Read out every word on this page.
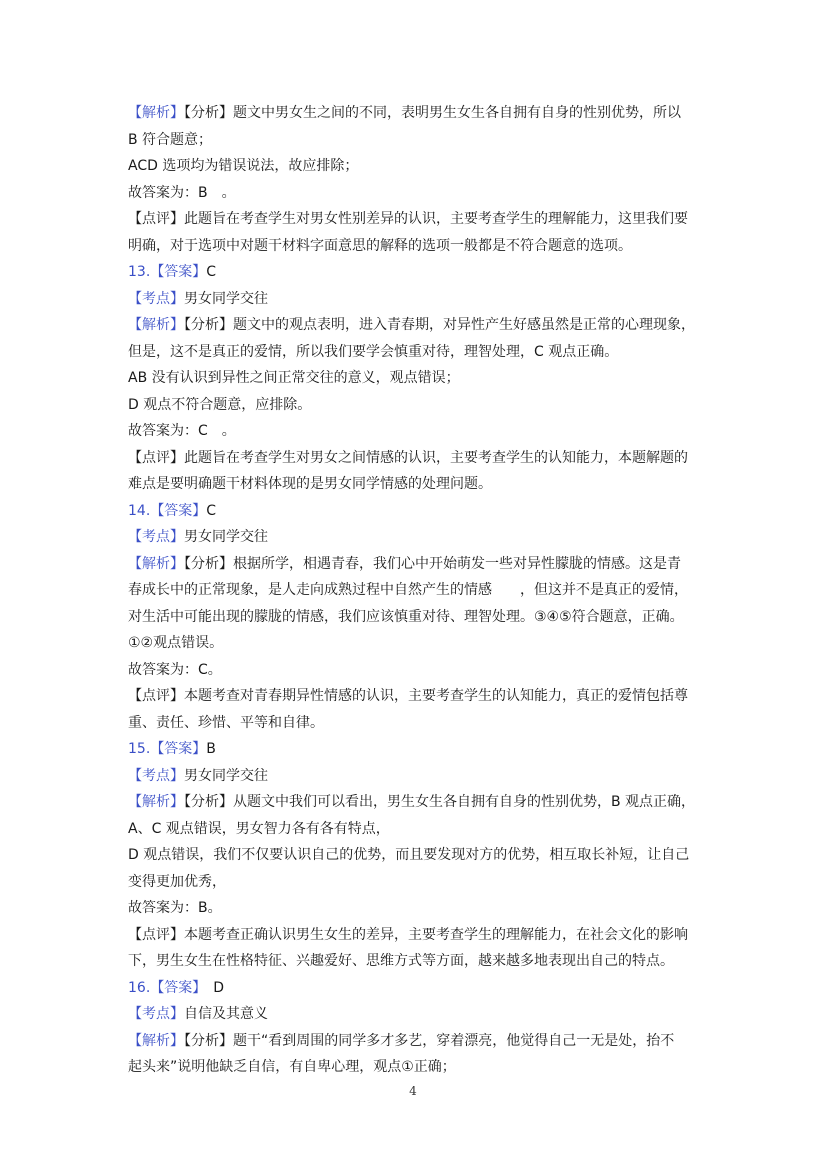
【解析】【分析】题文中男女生之间的不同，表明男生女生各自拥有自身的性别优势，所以
B 符合题意；
ACD 选项均为错误说法，故应排除；
故答案为：B　。
【点评】此题旨在考查学生对男女性别差异的认识，主要考查学生的理解能力，这里我们要
明确，对于选项中对题干材料字面意思的解释的选项一般都是不符合题意的选项。
13.【答案】C
【考点】男女同学交往
【解析】【分析】题文中的观点表明，进入青春期，对异性产生好感虽然是正常的心理现象，
但是，这不是真正的爱情，所以我们要学会慎重对待，理智处理，C 观点正确。
AB 没有认识到异性之间正常交往的意义，观点错误；
D 观点不符合题意，应排除。
故答案为：C　。
【点评】此题旨在考查学生对男女之间情感的认识，主要考查学生的认知能力，本题解题的
难点是要明确题干材料体现的是男女同学情感的处理问题。
14.【答案】C
【考点】男女同学交往
【解析】【分析】根据所学，相遇青春，我们心中开始萌发一些对异性朦胧的情感。这是青
春成长中的正常现象，是人走向成熟过程中自然产生的情感　　，但这并不是真正的爱情，
对生活中可能出现的朦胧的情感，我们应该慎重对待、理智处理。③④⑤符合题意，正确。
①②观点错误。
故答案为：C。
【点评】本题考查对青春期异性情感的认识，主要考查学生的认知能力，真正的爱情包括尊
重、责任、珍惜、平等和自律。
15.【答案】B
【考点】男女同学交往
【解析】【分析】从题文中我们可以看出，男生女生各自拥有自身的性别优势，B 观点正确，
A、C 观点错误，男女智力各有各有特点，
D 观点错误，我们不仅要认识自己的优势，而且要发现对方的优势，相互取长补短，让自己
变得更加优秀，
故答案为：B。
【点评】本题考查正确认识男生女生的差异，主要考查学生的理解能力，在社会文化的影响
下，男生女生在性格特征、兴趣爱好、思维方式等方面，越来越多地表现出自己的特点。
16.【答案】　D
【考点】自信及其意义
【解析】【分析】题干“看到周围的同学多才多艺，穿着漂亮，他觉得自己一无是处，抬不
起头来”说明他缺乏自信，有自卑心理，观点①正确；
4
